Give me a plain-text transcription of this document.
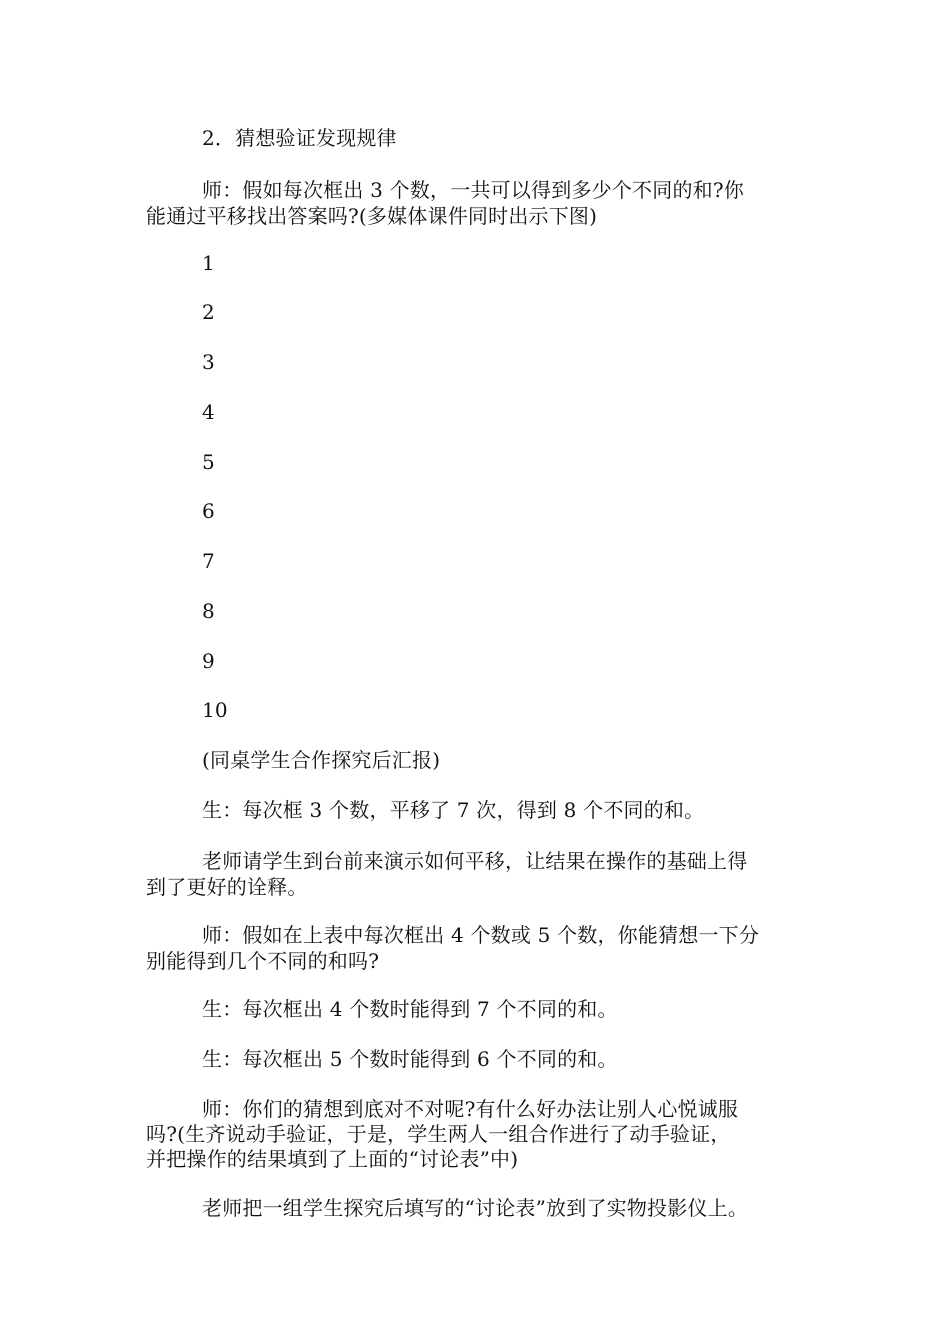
2．猜想验证发现规律
师：假如每次框出 3 个数，一共可以得到多少个不同的和?你
能通过平移找出答案吗?(多媒体课件同时出示下图)
1
2
3
4
5
6
7
8
9
10
(同桌学生合作探究后汇报)
生：每次框 3 个数，平移了 7 次，得到 8 个不同的和。
老师请学生到台前来演示如何平移，让结果在操作的基础上得
到了更好的诠释。
师：假如在上表中每次框出 4 个数或 5 个数，你能猜想一下分
别能得到几个不同的和吗?
生：每次框出 4 个数时能得到 7 个不同的和。
生：每次框出 5 个数时能得到 6 个不同的和。
师：你们的猜想到底对不对呢?有什么好办法让别人心悦诚服
吗?(生齐说动手验证，于是，学生两人一组合作进行了动手验证，
并把操作的结果填到了上面的“讨论表”中)
老师把一组学生探究后填写的“讨论表”放到了实物投影仪上。
